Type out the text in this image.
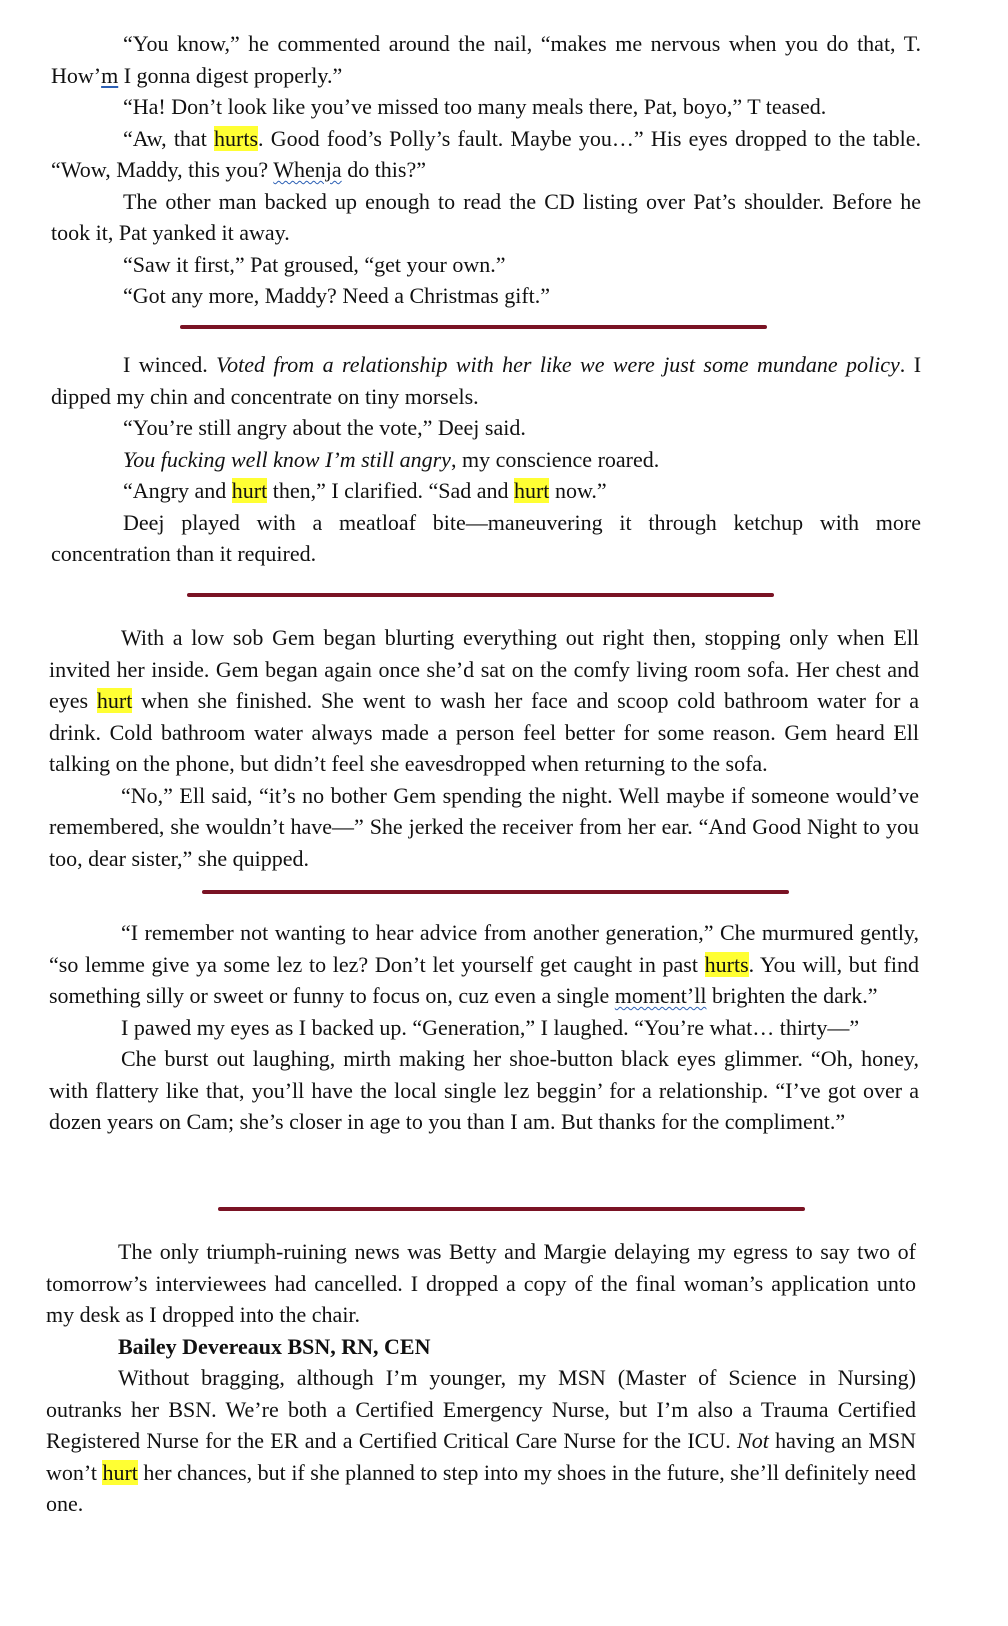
“You know,” he commented around the nail, “makes me nervous when you do that, T. How’m I gonna digest properly.”

“Ha! Don’t look like you’ve missed too many meals there, Pat, boyo,” T teased.

“Aw, that hurts. Good food’s Polly’s fault. Maybe you…” His eyes dropped to the table. “Wow, Maddy, this you? Whenja do this?”

The other man backed up enough to read the CD listing over Pat’s shoulder. Before he took it, Pat yanked it away.

“Saw it first,” Pat groused, “get your own.”

“Got any more, Maddy? Need a Christmas gift.”

I winced. Voted from a relationship with her like we were just some mundane policy. I dipped my chin and concentrate on tiny morsels.

“You’re still angry about the vote,” Deej said.

You fucking well know I’m still angry, my conscience roared.

“Angry and hurt then,” I clarified. “Sad and hurt now.”

Deej played with a meatloaf bite—maneuvering it through ketchup with more concentration than it required.

With a low sob Gem began blurting everything out right then, stopping only when Ell invited her inside. Gem began again once she’d sat on the comfy living room sofa. Her chest and eyes hurt when she finished. She went to wash her face and scoop cold bathroom water for a drink. Cold bathroom water always made a person feel better for some reason. Gem heard Ell talking on the phone, but didn’t feel she eavesdropped when returning to the sofa.

“No,” Ell said, “it’s no bother Gem spending the night. Well maybe if someone would’ve remembered, she wouldn’t have—” She jerked the receiver from her ear. “And Good Night to you too, dear sister,” she quipped.

“I remember not wanting to hear advice from another generation,” Che murmured gently, “so lemme give ya some lez to lez? Don’t let yourself get caught in past hurts. You will, but find something silly or sweet or funny to focus on, cuz even a single moment’ll brighten the dark.”

I pawed my eyes as I backed up. “Generation,” I laughed. “You’re what… thirty—”

Che burst out laughing, mirth making her shoe-button black eyes glimmer. “Oh, honey, with flattery like that, you’ll have the local single lez beggin’ for a relationship. “I’ve got over a dozen years on Cam; she’s closer in age to you than I am. But thanks for the compliment.”

The only triumph-ruining news was Betty and Margie delaying my egress to say two of tomorrow’s interviewees had cancelled. I dropped a copy of the final woman’s application unto my desk as I dropped into the chair.

Bailey Devereaux BSN, RN, CEN

Without bragging, although I’m younger, my MSN (Master of Science in Nursing) outranks her BSN. We’re both a Certified Emergency Nurse, but I’m also a Trauma Certified Registered Nurse for the ER and a Certified Critical Care Nurse for the ICU. Not having an MSN won’t hurt her chances, but if she planned to step into my shoes in the future, she’ll definitely need one.
